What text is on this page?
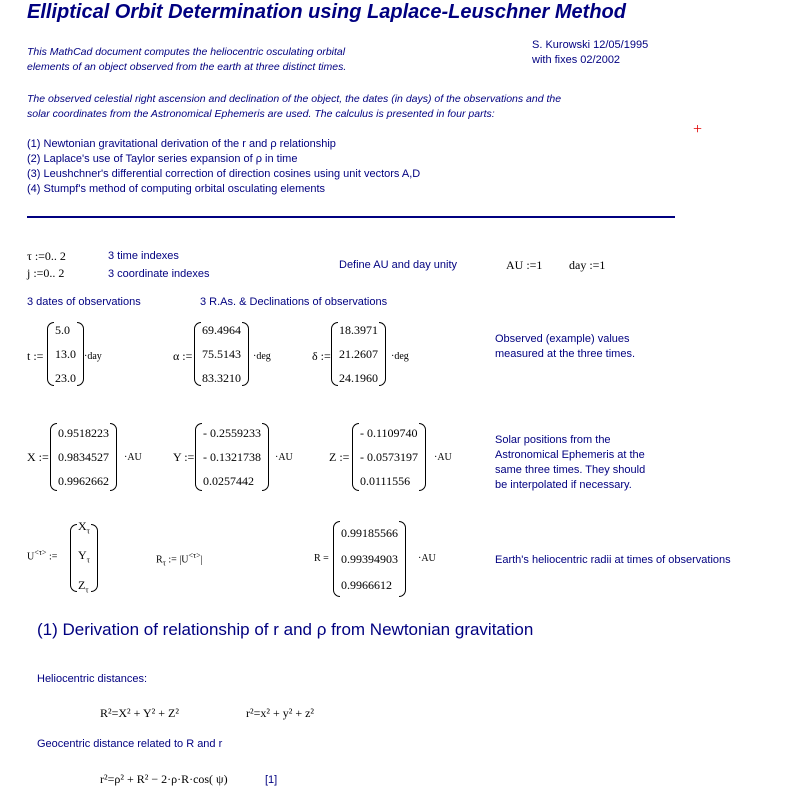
Elliptical Orbit Determination using Laplace-Leuschner Method
S. Kurowski 12/05/1995
with fixes 02/2002
This MathCad document computes the heliocentric osculating orbital
elements of an object observed from the earth at three distinct times.
The observed celestial right ascension and declination of the object, the dates (in days) of the observations and the
solar coordinates from the Astronomical Ephemeris are used. The calculus is presented in four parts:
+
(1) Newtonian gravitational derivation of the r and ρ relationship
(2) Laplace's use of Taylor series expansion of ρ in time
(3) Leushchner's differential correction of direction cosines using unit vectors A,D
(4) Stumpf's method of computing orbital osculating elements
τ :=0.. 2
j :=0.. 2
3 time indexes
3 coordinate indexes
Define AU and day unity	AU :=1 day :=1
3 dates of observations	3 R.As. & Declinations of observations
t :=
5.0
13.0
23.0
·day	α :=
69.4964
75.5143
83.3210
·deg	δ :=
18.3971
21.2607
24.1960
·deg
Observed (example) values
measured at the three times.
X :=
0.9518223
0.9834527
0.9962662
·AU	Y :=
- 0.2559233
- 0.1321738
0.0257442
·AU	Z :=
- 0.1109740
- 0.0573197
0.0111556
·AU
Solar positions from the
Astronomical Ephemeris at the
same three times. They should
be interpolated if necessary.
$U^{<\tau>}$ :=
$X_\tau$
$Y_\tau$
$Z_\tau$
$R_\tau$ := $|U^{<\tau>}|$	R =
0.99185566
0.99394903
0.9966612
·AU	Earth's heliocentric radii at times of observations
(1) Derivation of relationship of r and ρ from Newtonian gravitation
Heliocentric distances:
R²=X² + Y² + Z²	r²=x² + y² + z²
Geocentric distance related to R and r
r²=ρ² + R² − 2·ρ·R·cos( ψ)	[1]
